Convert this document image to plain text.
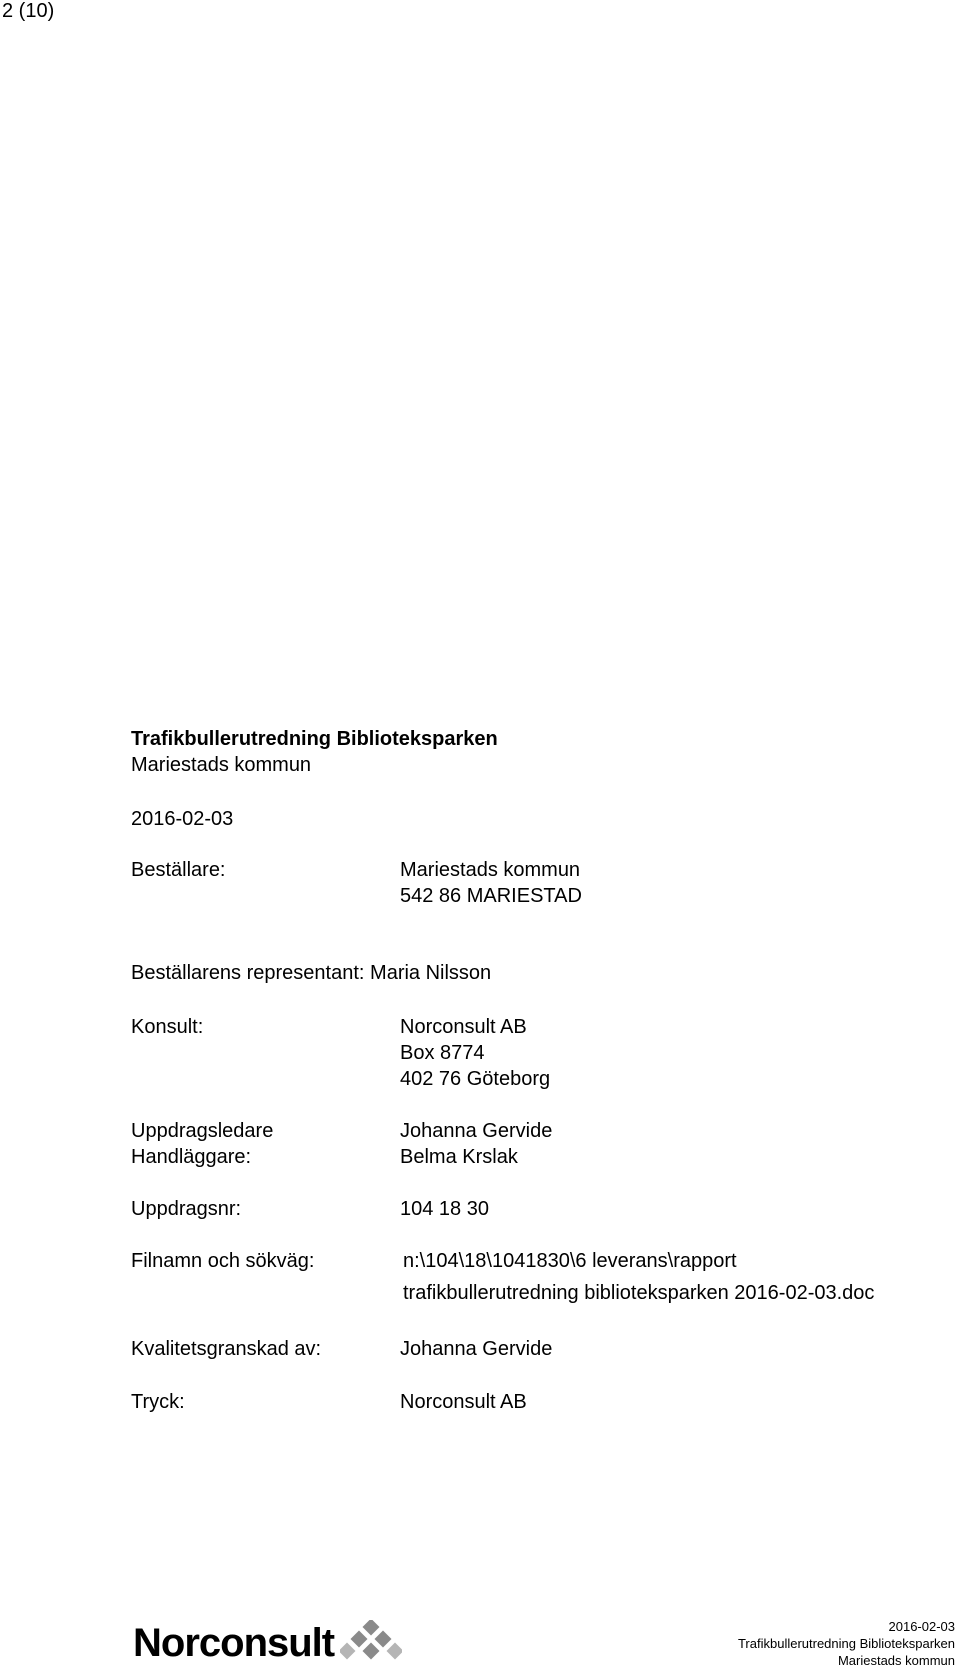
2 (10)
Trafikbullerutredning Biblioteksparken
Mariestads kommun
2016-02-03
Beställare:	Mariestads kommun
542 86 MARIESTAD
Beställarens representant: Maria Nilsson
Konsult:	Norconsult AB
Box 8774
402 76 Göteborg
Uppdragsledare	Johanna Gervide
Handläggare:	Belma Krslak
Uppdragsnr:	104 18 30
Filnamn och sökväg:	n:\104\18\1041830\6 leverans\rapport
trafikbullerutredning biblioteksparken 2016-02-03.doc
Kvalitetsgranskad av:	Johanna Gervide
Tryck:	Norconsult AB
Norconsult	2016-02-03
Trafikbullerutredning Biblioteksparken
Mariestads kommun
